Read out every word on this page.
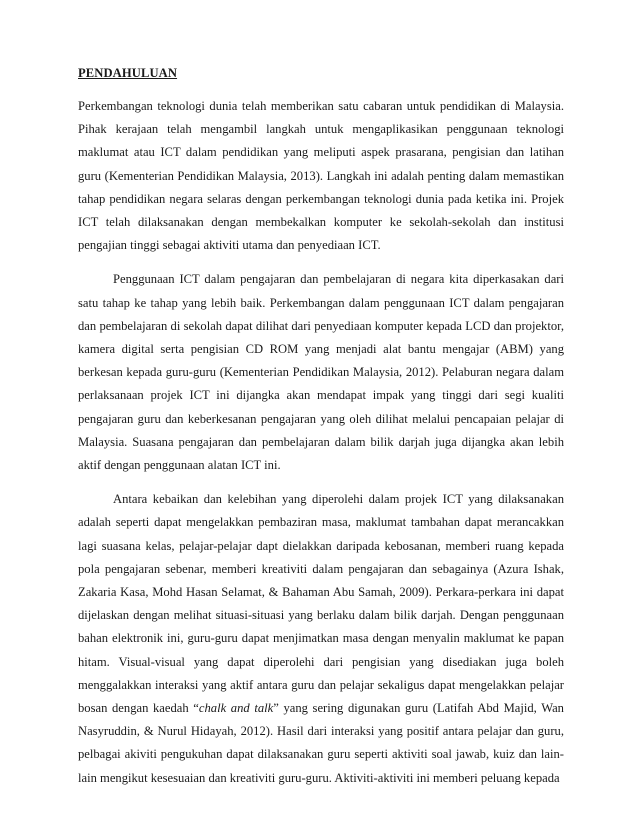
PENDAHULUAN

Perkembangan teknologi dunia telah memberikan satu cabaran untuk pendidikan di Malaysia. Pihak kerajaan telah mengambil langkah untuk mengaplikasikan penggunaan teknologi maklumat atau ICT dalam pendidikan yang meliputi aspek prasarana, pengisian dan latihan guru (Kementerian Pendidikan Malaysia, 2013). Langkah ini adalah penting dalam memastikan tahap pendidikan negara selaras dengan perkembangan teknologi dunia pada ketika ini. Projek ICT telah dilaksanakan dengan membekalkan komputer ke sekolah-sekolah dan institusi pengajian tinggi sebagai aktiviti utama dan penyediaan ICT.

Penggunaan ICT dalam pengajaran dan pembelajaran di negara kita diperkasakan dari satu tahap ke tahap yang lebih baik. Perkembangan dalam penggunaan ICT dalam pengajaran dan pembelajaran di sekolah dapat dilihat dari penyediaan komputer kepada LCD dan projektor, kamera digital serta pengisian CD ROM yang menjadi alat bantu mengajar (ABM) yang berkesan kepada guru-guru (Kementerian Pendidikan Malaysia, 2012). Pelaburan negara dalam perlaksanaan projek ICT ini dijangka akan mendapat impak yang tinggi dari segi kualiti pengajaran guru dan keberkesanan pengajaran yang oleh dilihat melalui pencapaian pelajar di Malaysia. Suasana pengajaran dan pembelajaran dalam bilik darjah juga dijangka akan lebih aktif dengan penggunaan alatan ICT ini.

Antara kebaikan dan kelebihan yang diperolehi dalam projek ICT yang dilaksanakan adalah seperti dapat mengelakkan pembaziran masa, maklumat tambahan dapat merancakkan lagi suasana kelas, pelajar-pelajar dapt dielakkan daripada kebosanan, memberi ruang kepada pola pengajaran sebenar, memberi kreativiti dalam pengajaran dan sebagainya (Azura Ishak, Zakaria Kasa, Mohd Hasan Selamat, & Bahaman Abu Samah, 2009). Perkara-perkara ini dapat dijelaskan dengan melihat situasi-situasi yang berlaku dalam bilik darjah. Dengan penggunaan bahan elektronik ini, guru-guru dapat menjimatkan masa dengan menyalin maklumat ke papan hitam. Visual-visual yang dapat diperolehi dari pengisian yang disediakan juga boleh menggalakkan interaksi yang aktif antara guru dan pelajar sekaligus dapat mengelakkan pelajar bosan dengan kaedah “chalk and talk” yang sering digunakan guru (Latifah Abd Majid, Wan Nasyruddin, & Nurul Hidayah, 2012). Hasil dari interaksi yang positif antara pelajar dan guru, pelbagai akiviti pengukuhan dapat dilaksanakan guru seperti aktiviti soal jawab, kuiz dan lain-lain mengikut kesesuaian dan kreativiti guru-guru. Aktiviti-aktiviti ini memberi peluang kepada
